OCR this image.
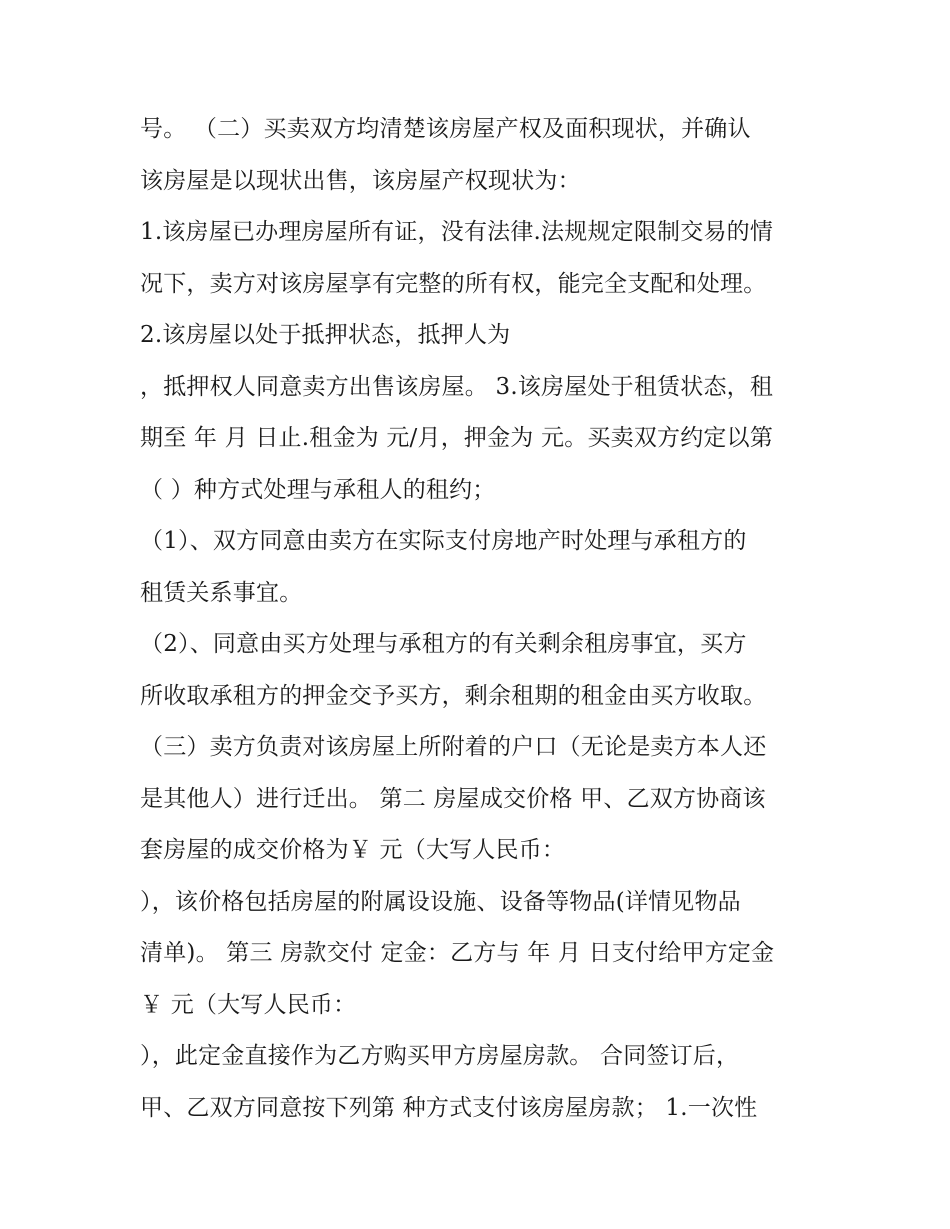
号。 （二）买卖双方均清楚该房屋产权及面积现状，并确认
该房屋是以现状出售，该房屋产权现状为：
1.该房屋已办理房屋所有证，没有法律.法规规定限制交易的情
况下，卖方对该房屋享有完整的所有权，能完全支配和处理。
2.该房屋以处于抵押状态，抵押人为
，抵押权人同意卖方出售该房屋。 3.该房屋处于租赁状态，租
期至 年 月 日止.租金为 元/月，押金为 元。买卖双方约定以第
（ ）种方式处理与承租人的租约；
（1）、双方同意由卖方在实际支付房地产时处理与承租方的
租赁关系事宜。
（2）、同意由买方处理与承租方的有关剩余租房事宜，买方
所收取承租方的押金交予买方，剩余租期的租金由买方收取。
（三）卖方负责对该房屋上所附着的户口（无论是卖方本人还
是其他人）进行迁出。 第二 房屋成交价格 甲、乙双方协商该
套房屋的成交价格为￥ 元（大写人民币：
），该价格包括房屋的附属设设施、设备等物品(详情见物品
清单)。 第三 房款交付 定金：乙方与 年 月 日支付给甲方定金
￥ 元（大写人民币：
），此定金直接作为乙方购买甲方房屋房款。 合同签订后，
甲、乙双方同意按下列第 种方式支付该房屋房款； 1.一次性
